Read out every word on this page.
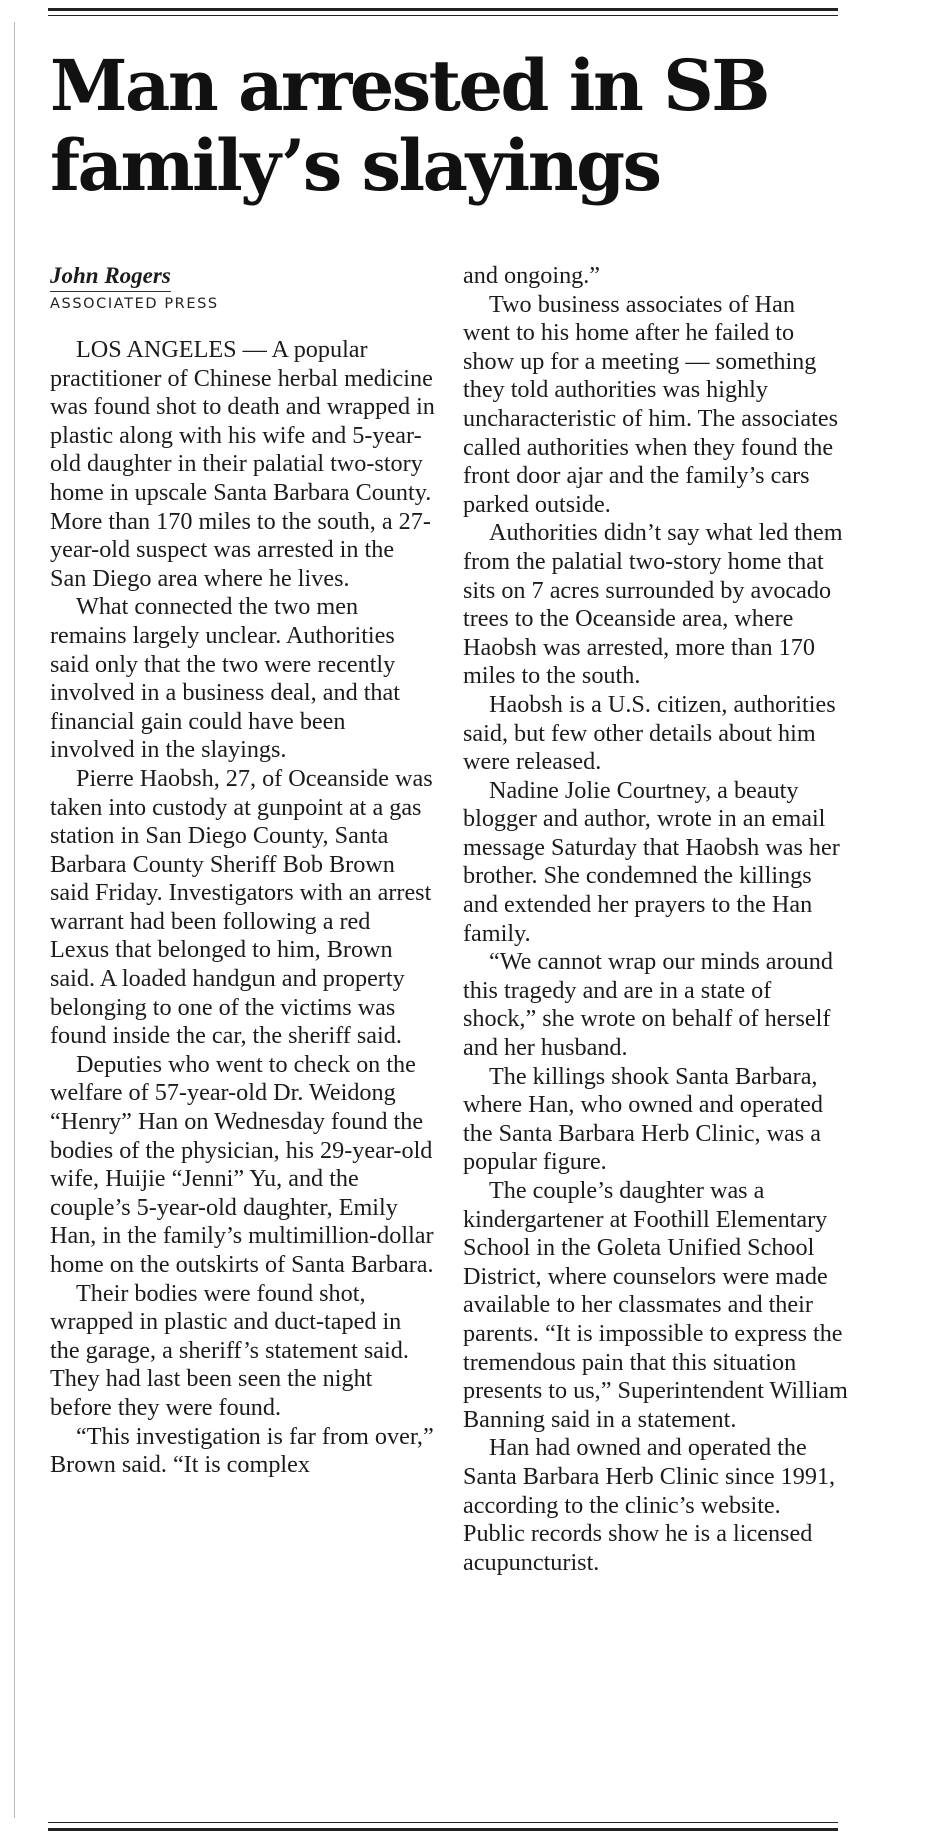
Man arrested in SB family’s slayings
John Rogers
ASSOCIATED PRESS

LOS ANGELES — A popular practitioner of Chinese herbal medicine was found shot to death and wrapped in plastic along with his wife and 5-year-old daughter in their palatial two-story home in upscale Santa Barbara County. More than 170 miles to the south, a 27-year-old suspect was arrested in the San Diego area where he lives.

What connected the two men remains largely unclear. Authorities said only that the two were recently involved in a business deal, and that financial gain could have been involved in the slayings.

Pierre Haobsh, 27, of Oceanside was taken into custody at gunpoint at a gas station in San Diego County, Santa Barbara County Sheriff Bob Brown said Friday. Investigators with an arrest warrant had been following a red Lexus that belonged to him, Brown said. A loaded handgun and property belonging to one of the victims was found inside the car, the sheriff said.

Deputies who went to check on the welfare of 57-year-old Dr. Weidong “Henry” Han on Wednesday found the bodies of the physician, his 29-year-old wife, Huijie “Jenni” Yu, and the couple’s 5-year-old daughter, Emily Han, in the family’s multimillion-dollar home on the outskirts of Santa Barbara.

Their bodies were found shot, wrapped in plastic and duct-taped in the garage, a sheriff’s statement said. They had last been seen the night before they were found.

“This investigation is far from over,” Brown said. “It is complex

and ongoing.”

Two business associates of Han went to his home after he failed to show up for a meeting — something they told authorities was highly uncharacteristic of him. The associates called authorities when they found the front door ajar and the family’s cars parked outside.

Authorities didn’t say what led them from the palatial two-story home that sits on 7 acres surrounded by avocado trees to the Oceanside area, where Haobsh was arrested, more than 170 miles to the south.

Haobsh is a U.S. citizen, authorities said, but few other details about him were released.

Nadine Jolie Courtney, a beauty blogger and author, wrote in an email message Saturday that Haobsh was her brother. She condemned the killings and extended her prayers to the Han family.

“We cannot wrap our minds around this tragedy and are in a state of shock,” she wrote on behalf of herself and her husband.

The killings shook Santa Barbara, where Han, who owned and operated the Santa Barbara Herb Clinic, was a popular figure.

The couple’s daughter was a kindergartener at Foothill Elementary School in the Goleta Unified School District, where counselors were made available to her classmates and their parents. “It is impossible to express the tremendous pain that this situation presents to us,” Superintendent William Banning said in a statement.

Han had owned and operated the Santa Barbara Herb Clinic since 1991, according to the clinic’s website. Public records show he is a licensed acupuncturist.
